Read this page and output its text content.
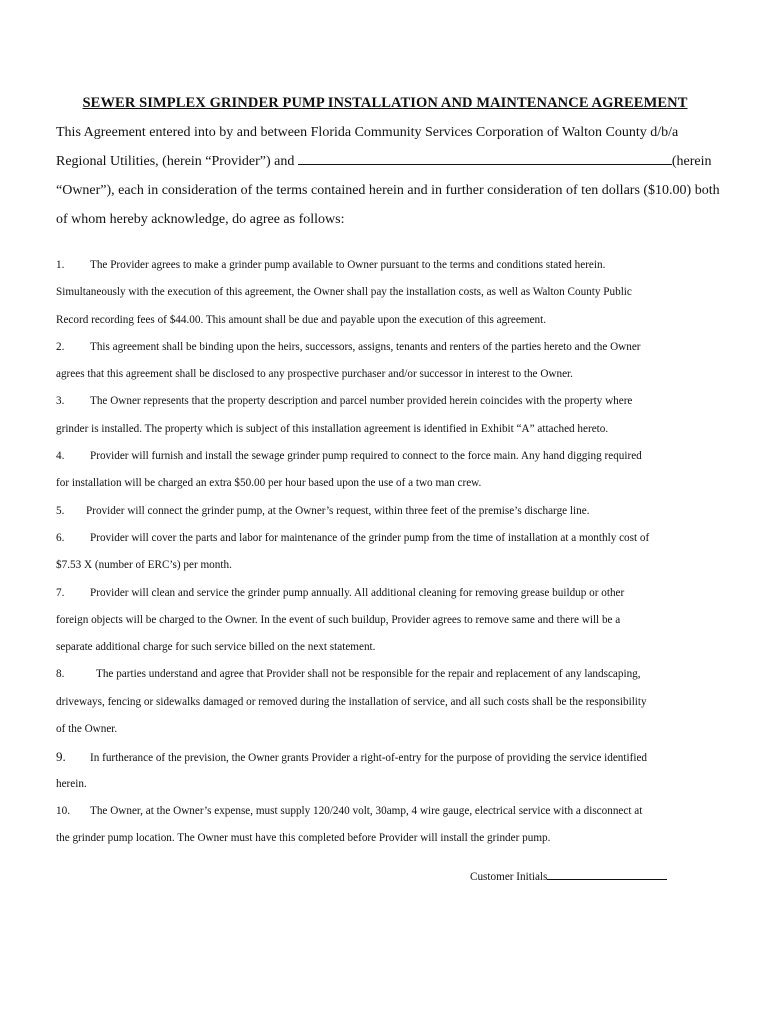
SEWER SIMPLEX GRINDER PUMP INSTALLATION AND MAINTENANCE AGREEMENT
This Agreement entered into by and between Florida Community Services Corporation of Walton County d/b/a
Regional Utilities, (herein “Provider”) and	(herein
“Owner”), each in consideration of the terms contained herein and in further consideration of ten dollars ($10.00) both
of whom hereby acknowledge, do agree as follows:
1. The Provider agrees to make a grinder pump available to Owner pursuant to the terms and conditions stated herein.
Simultaneously with the execution of this agreement, the Owner shall pay the installation costs, as well as Walton County Public
Record recording fees of $44.00. This amount shall be due and payable upon the execution of this agreement.
2. This agreement shall be binding upon the heirs, successors, assigns, tenants and renters of the parties hereto and the Owner
agrees that this agreement shall be disclosed to any prospective purchaser and/or successor in interest to the Owner.
3. The Owner represents that the property description and parcel number provided herein coincides with the property where
grinder is installed. The property which is subject of this installation agreement is identified in Exhibit “A” attached hereto.
4. Provider will furnish and install the sewage grinder pump required to connect to the force main. Any hand digging required
for installation will be charged an extra $50.00 per hour based upon the use of a two man crew.
5. Provider will connect the grinder pump, at the Owner’s request, within three feet of the premise’s discharge line.
6. Provider will cover the parts and labor for maintenance of the grinder pump from the time of installation at a monthly cost of
$7.53 X (number of ERC’s) per month.
7. Provider will clean and service the grinder pump annually. All additional cleaning for removing grease buildup or other
foreign objects will be charged to the Owner. In the event of such buildup, Provider agrees to remove same and there will be a
separate additional charge for such service billed on the next statement.
8.	The parties understand and agree that Provider shall not be responsible for the repair and replacement of any landscaping,
driveways, fencing or sidewalks damaged or removed during the installation of service, and all such costs shall be the responsibility
of the Owner.
9. In furtherance of the prevision, the Owner grants Provider a right-of-entry for the purpose of providing the service identified
herein.
10. The Owner, at the Owner’s expense, must supply 120/240 volt, 30amp, 4 wire gauge, electrical service with a disconnect at
the grinder pump location. The Owner must have this completed before Provider will install the grinder pump.
Customer Initials
